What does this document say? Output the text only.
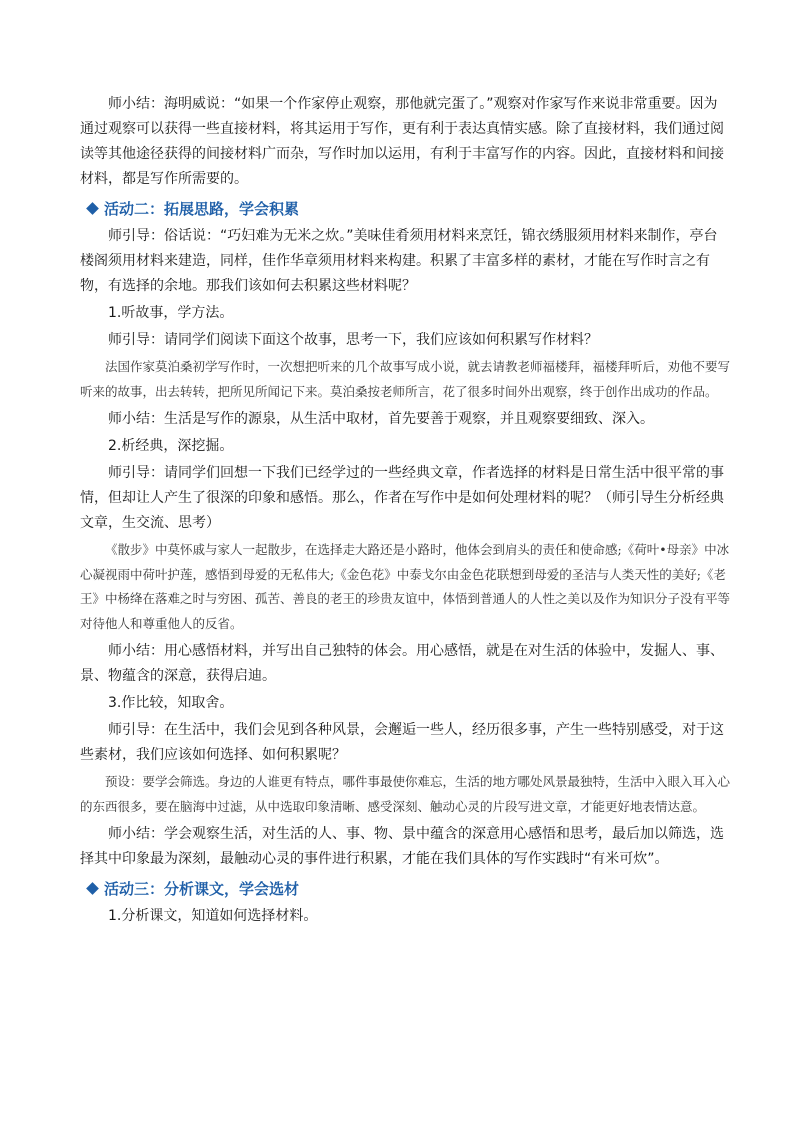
师小结：海明威说：“如果一个作家停止观察，那他就完蛋了。”观察对作家写作来说非常重要。因为通过观察可以获得一些直接材料，将其运用于写作，更有利于表达真情实感。除了直接材料，我们通过阅读等其他途径获得的间接材料广而杂，写作时加以运用，有利于丰富写作的内容。因此，直接材料和间接材料，都是写作所需要的。

活动二：拓展思路，学会积累

师引导：俗话说：“巧妇难为无米之炊。”美味佳肴须用材料来烹饪，锦衣绣服须用材料来制作，亭台楼阁须用材料来建造，同样，佳作华章须用材料来构建。积累了丰富多样的素材，才能在写作时言之有物，有选择的余地。那我们该如何去积累这些材料呢？

1.听故事，学方法。

师引导：请同学们阅读下面这个故事，思考一下，我们应该如何积累写作材料？

法国作家莫泊桑初学写作时，一次想把听来的几个故事写成小说，就去请教老师福楼拜，福楼拜听后，劝他不要写听来的故事，出去转转，把所见所闻记下来。莫泊桑按老师所言，花了很多时间外出观察，终于创作出成功的作品。

师小结：生活是写作的源泉，从生活中取材，首先要善于观察，并且观察要细致、深入。

2.析经典，深挖掘。

师引导：请同学们回想一下我们已经学过的一些经典文章，作者选择的材料是日常生活中很平常的事情，但却让人产生了很深的印象和感悟。那么，作者在写作中是如何处理材料的呢？（师引导生分析经典文章，生交流、思考）

《散步》中莫怀戚与家人一起散步，在选择走大路还是小路时，他体会到肩头的责任和使命感;《荷叶•母亲》中冰心凝视雨中荷叶护莲，感悟到母爱的无私伟大;《金色花》中泰戈尔由金色花联想到母爱的圣洁与人类天性的美好;《老王》中杨绛在落难之时与穷困、孤苦、善良的老王的珍贵友谊中，体悟到普通人的人性之美以及作为知识分子没有平等对待他人和尊重他人的反省。

师小结：用心感悟材料，并写出自己独特的体会。用心感悟，就是在对生活的体验中，发掘人、事、景、物蕴含的深意，获得启迪。

3.作比较，知取舍。

师引导：在生活中，我们会见到各种风景，会邂逅一些人，经历很多事，产生一些特别感受，对于这些素材，我们应该如何选择、如何积累呢？

预设：要学会筛选。身边的人谁更有特点，哪件事最使你难忘，生活的地方哪处风景最独特，生活中入眼入耳入心的东西很多，要在脑海中过滤，从中选取印象清晰、感受深刻、触动心灵的片段写进文章，才能更好地表情达意。

师小结：学会观察生活，对生活的人、事、物、景中蕴含的深意用心感悟和思考，最后加以筛选，选择其中印象最为深刻，最触动心灵的事件进行积累，才能在我们具体的写作实践时“有米可炊”。

活动三：分析课文，学会选材

1.分析课文，知道如何选择材料。
